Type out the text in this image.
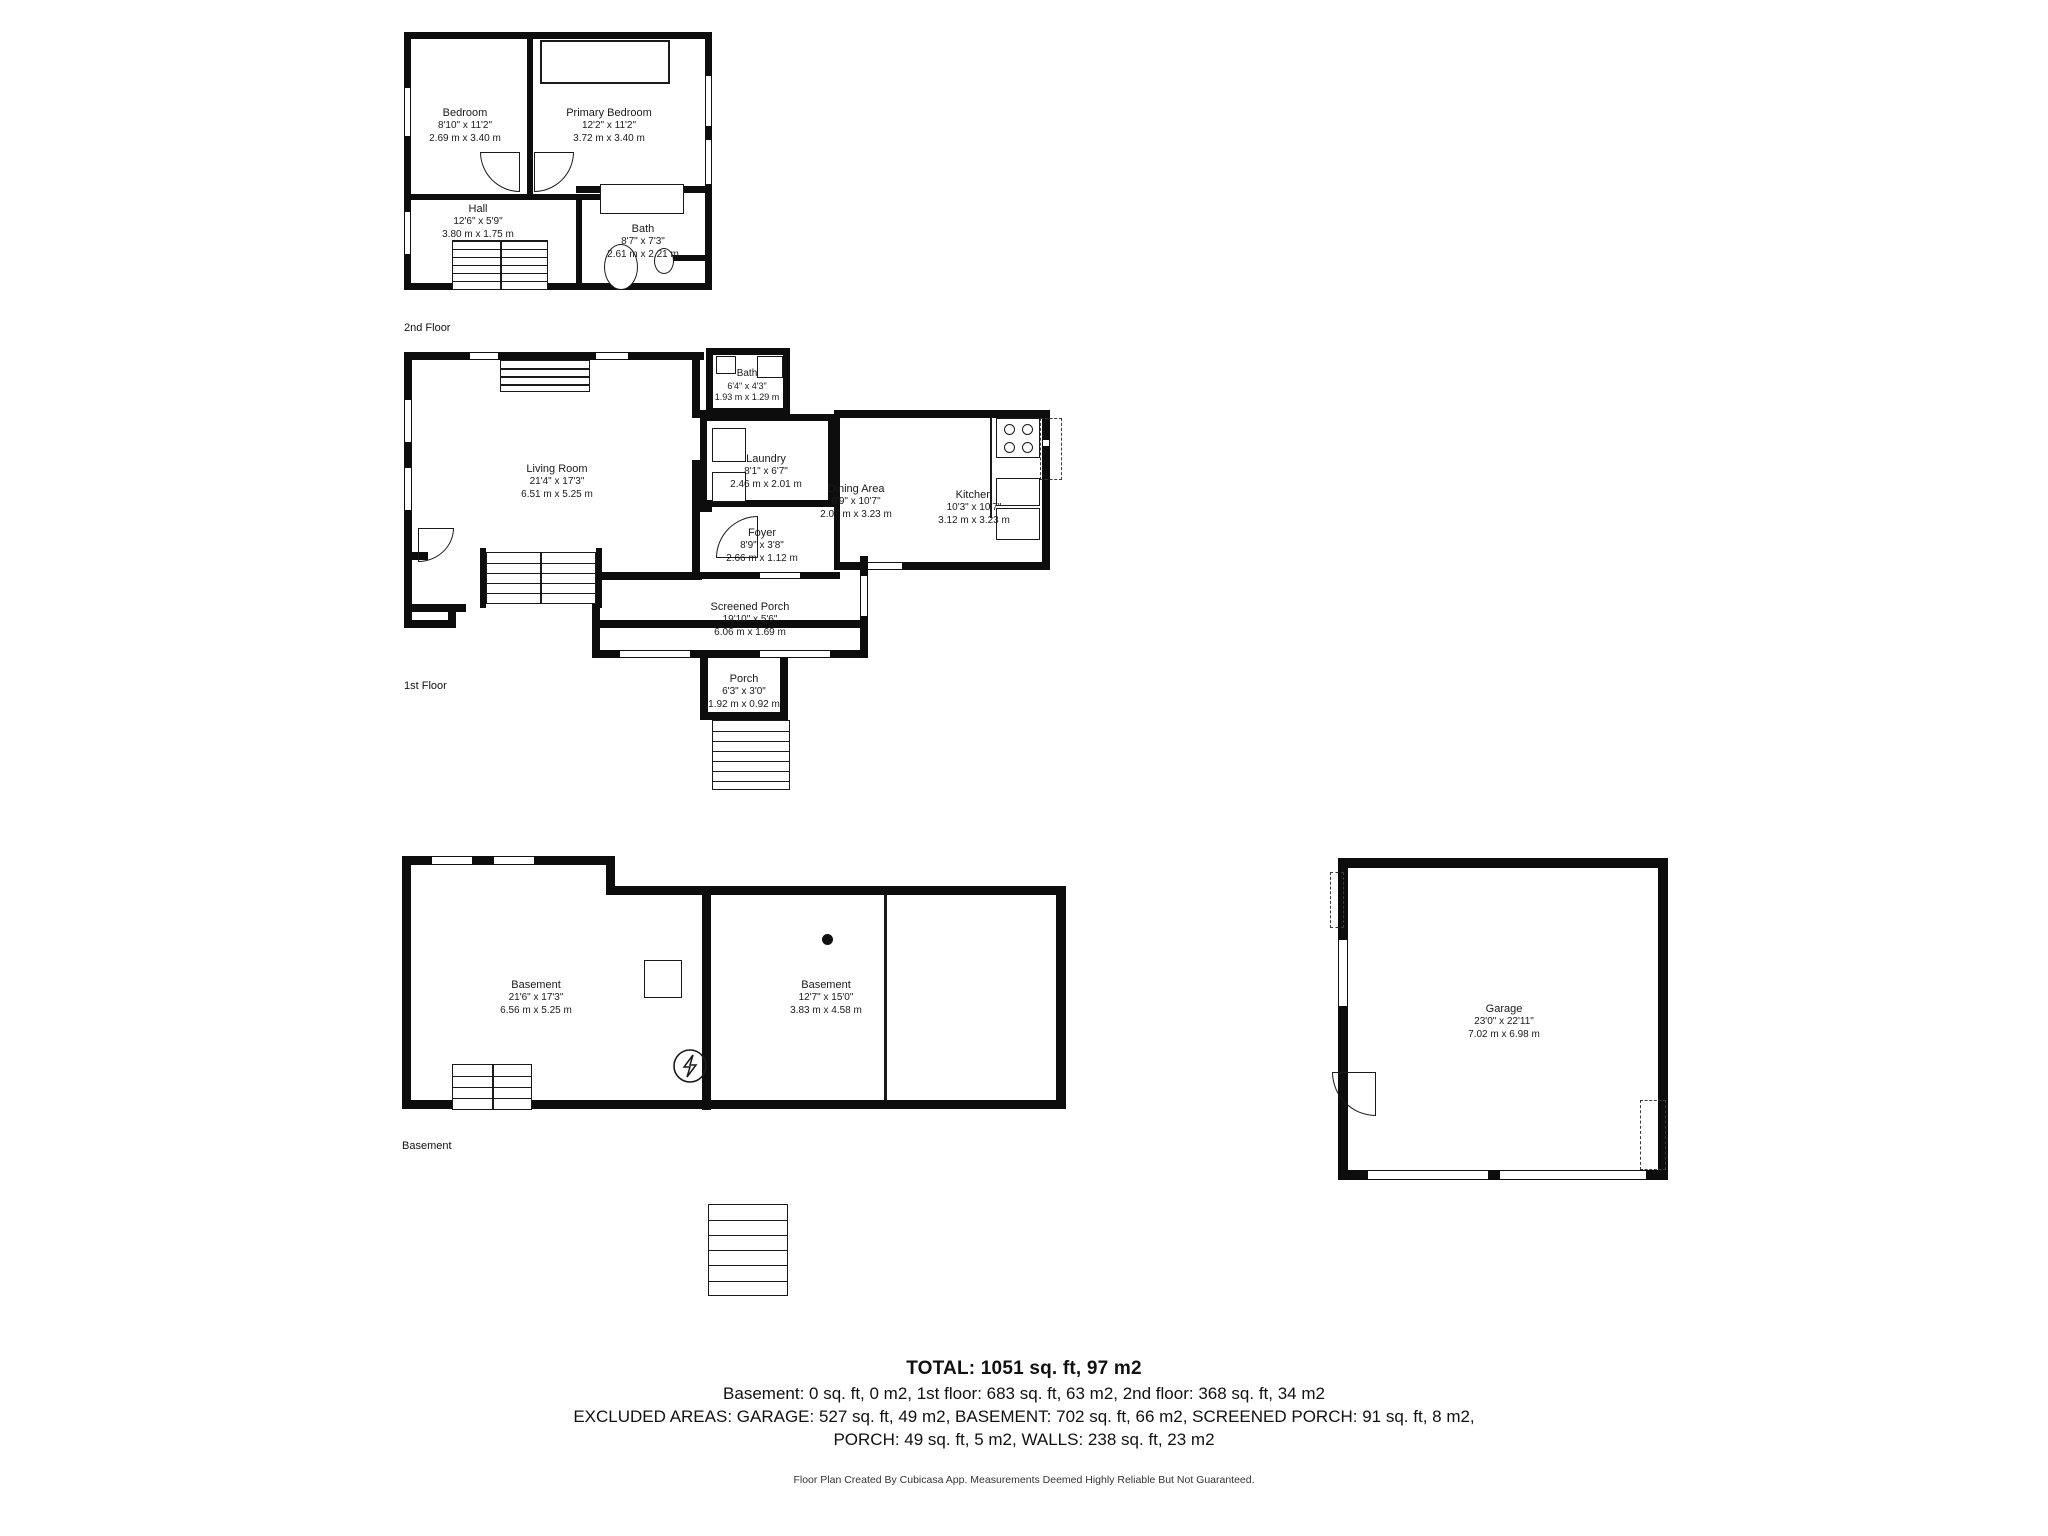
Bedroom
8'10" x 11'2"
2.69 m x 3.40 m
Primary Bedroom
12'2" x 11'2"
3.72 m x 3.40 m
Hall
12'6" x 5'9"
3.80 m x 1.75 m	Bath
8'7" x 7'3"
2.61 m x 2.21 m
2nd Floor
Living Room
21'4" x 17'3"
6.51 m x 5.25 m
Bath
6'4" x 4'3"
1.93 m x 1.29 m
Laundry
8'1" x 6'7"
2.46 m x 2.01 m	Dining Area
6'9" x 10'7"
2.07 m x 3.23 m
Kitchen
10'3" x 10'7"
3.12 m x 3.23 m
Foyer
8'9" x 3'8"
2.66 m x 1.12 m
Screened Porch
19'10" x 5'6"
6.06 m x 1.69 m
Porch
6'3" x 3'0"
1.92 m x 0.92 m
1st Floor
Basement
21'6" x 17'3"
6.56 m x 5.25 m
Basement
12'7" x 15'0"
3.83 m x 4.58 m
Basement
Garage
23'0" x 22'11"
7.02 m x 6.98 m
TOTAL: 1051 sq. ft, 97 m2
Basement: 0 sq. ft, 0 m2, 1st floor: 683 sq. ft, 63 m2, 2nd floor: 368 sq. ft, 34 m2
EXCLUDED AREAS: GARAGE: 527 sq. ft, 49 m2, BASEMENT: 702 sq. ft, 66 m2, SCREENED PORCH: 91 sq. ft, 8 m2,
PORCH: 49 sq. ft, 5 m2, WALLS: 238 sq. ft, 23 m2
Floor Plan Created By Cubicasa App. Measurements Deemed Highly Reliable But Not Guaranteed.
